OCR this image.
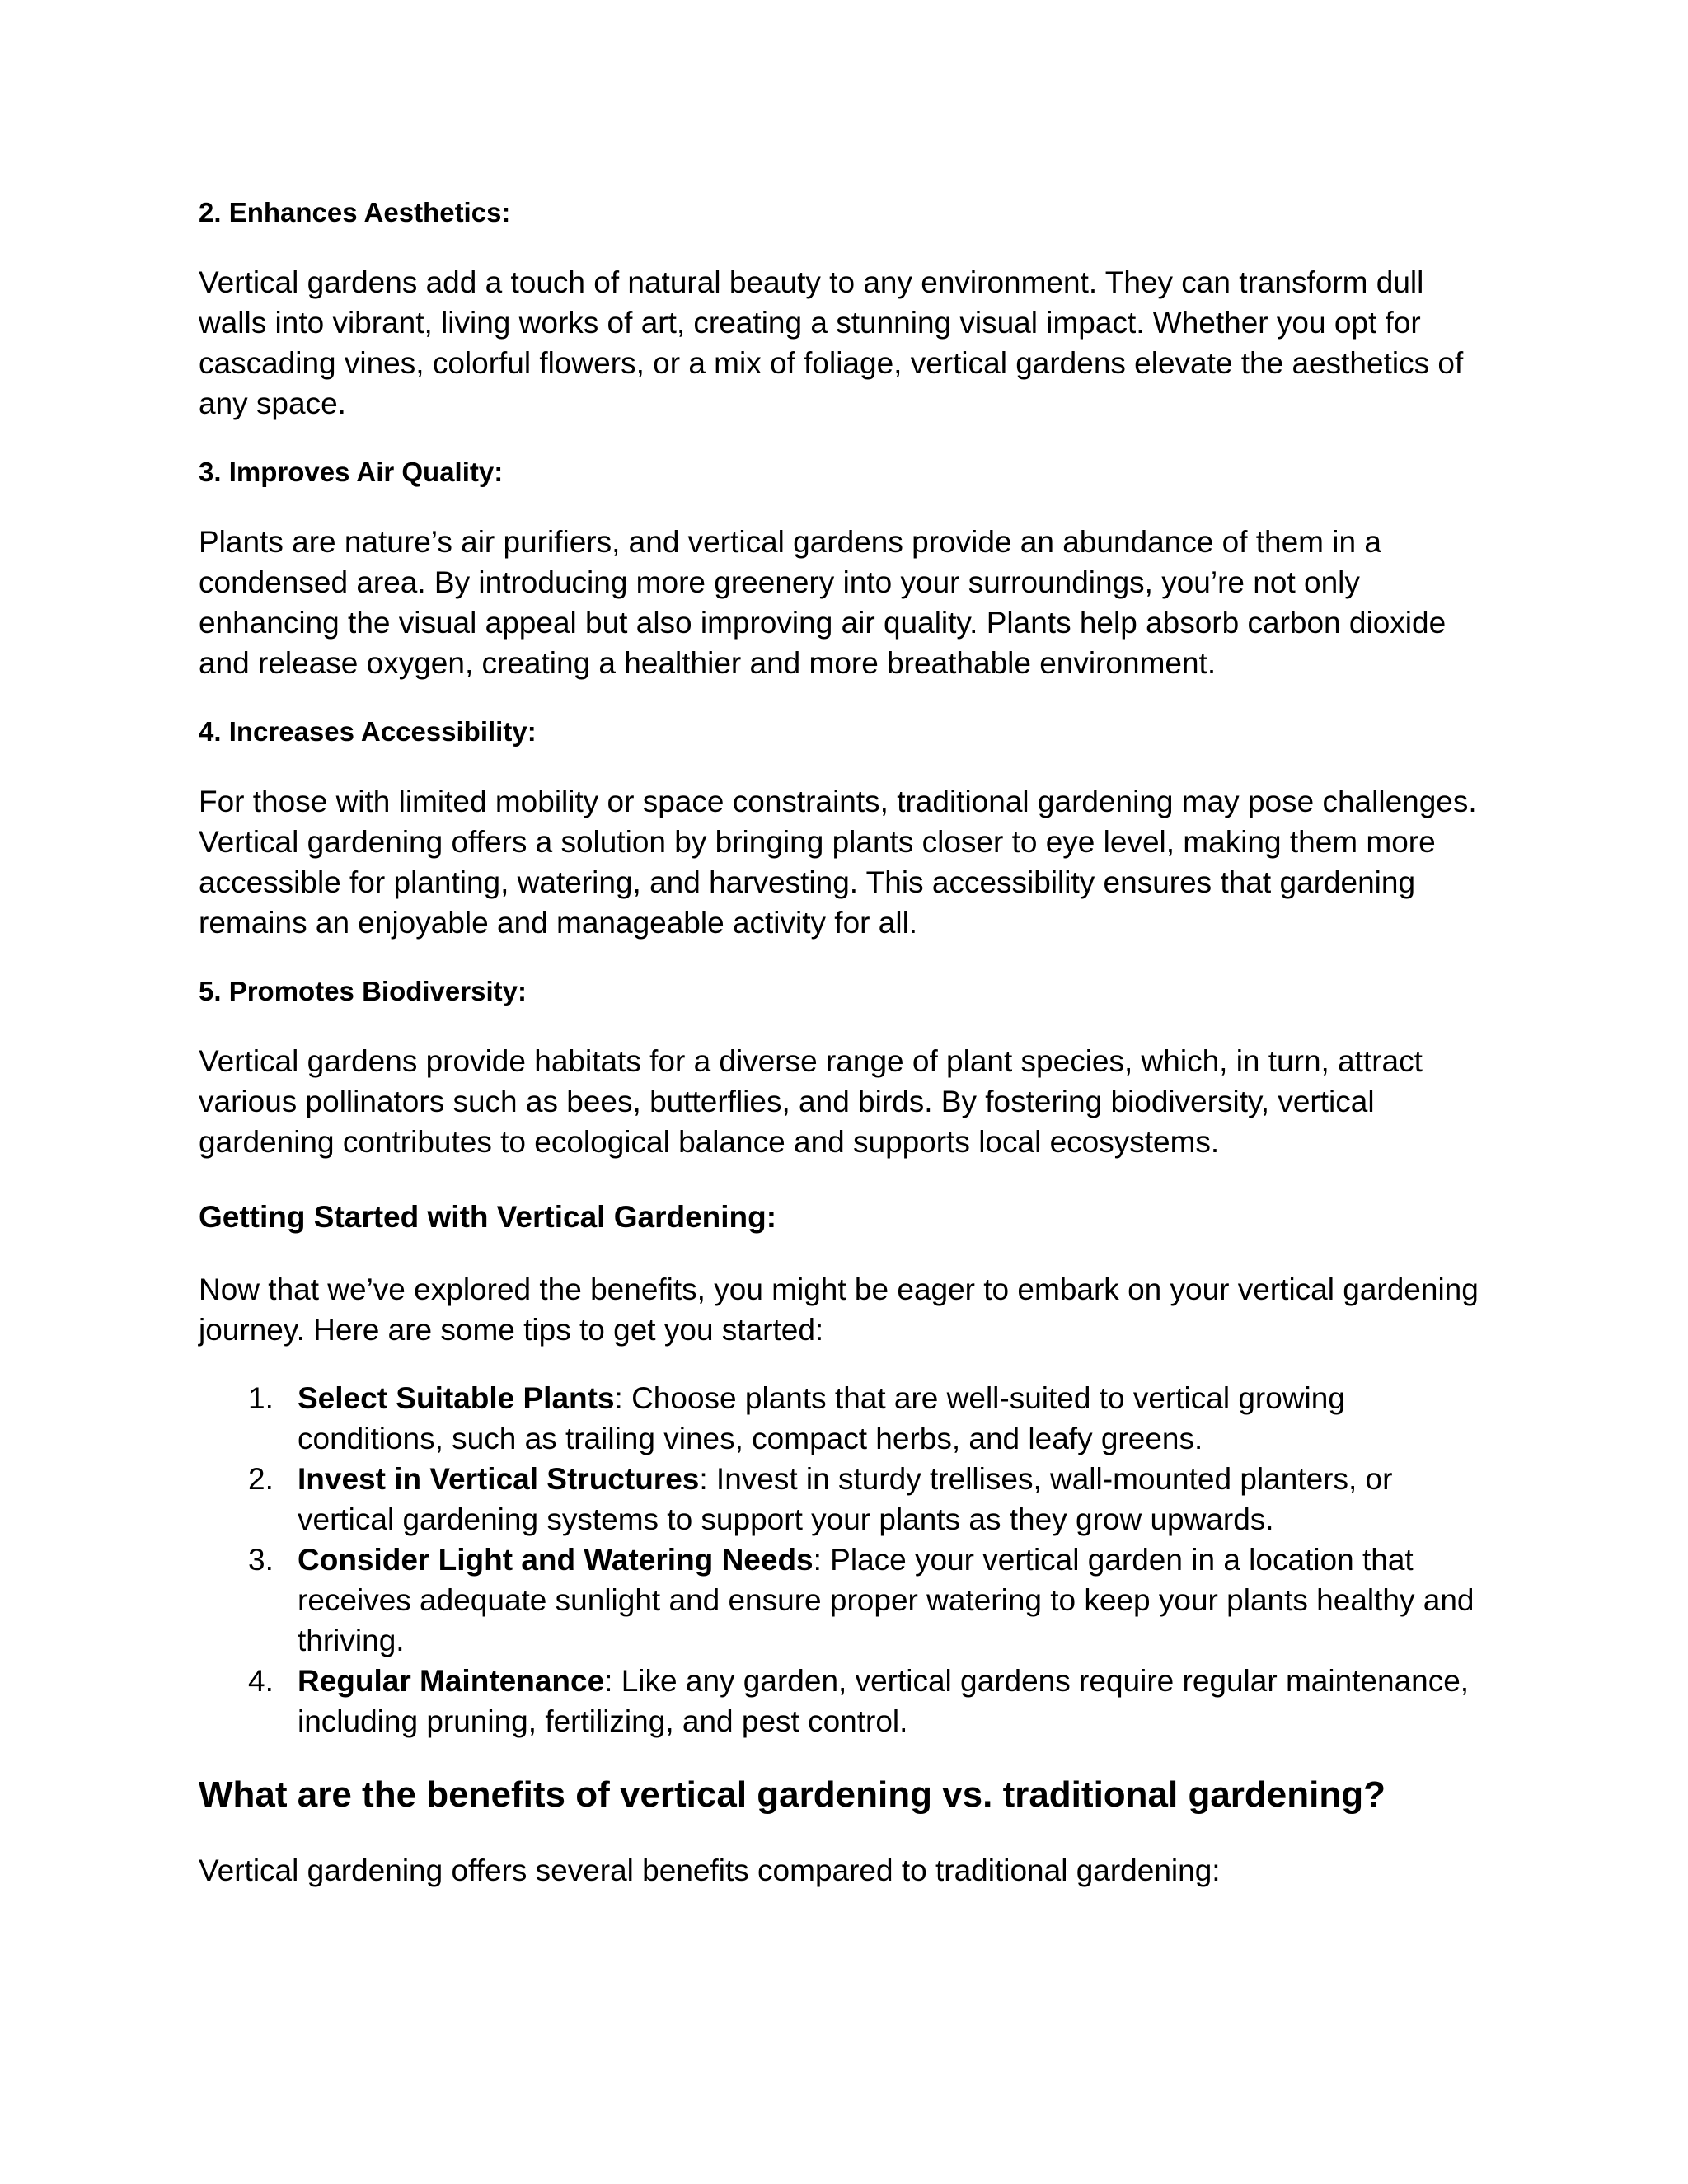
2. Enhances Aesthetics:
Vertical gardens add a touch of natural beauty to any environment. They can transform dull
walls into vibrant, living works of art, creating a stunning visual impact. Whether you opt for
cascading vines, colorful flowers, or a mix of foliage, vertical gardens elevate the aesthetics of
any space.
3. Improves Air Quality:
Plants are nature’s air purifiers, and vertical gardens provide an abundance of them in a
condensed area. By introducing more greenery into your surroundings, you’re not only
enhancing the visual appeal but also improving air quality. Plants help absorb carbon dioxide
and release oxygen, creating a healthier and more breathable environment.
4. Increases Accessibility:
For those with limited mobility or space constraints, traditional gardening may pose challenges.
Vertical gardening offers a solution by bringing plants closer to eye level, making them more
accessible for planting, watering, and harvesting. This accessibility ensures that gardening
remains an enjoyable and manageable activity for all.
5. Promotes Biodiversity:
Vertical gardens provide habitats for a diverse range of plant species, which, in turn, attract
various pollinators such as bees, butterflies, and birds. By fostering biodiversity, vertical
gardening contributes to ecological balance and supports local ecosystems.
Getting Started with Vertical Gardening:
Now that we’ve explored the benefits, you might be eager to embark on your vertical gardening
journey. Here are some tips to get you started:
1. Select Suitable Plants: Choose plants that are well-suited to vertical growing
conditions, such as trailing vines, compact herbs, and leafy greens.
2. Invest in Vertical Structures: Invest in sturdy trellises, wall-mounted planters, or
vertical gardening systems to support your plants as they grow upwards.
3. Consider Light and Watering Needs: Place your vertical garden in a location that
receives adequate sunlight and ensure proper watering to keep your plants healthy and
thriving.
4. Regular Maintenance: Like any garden, vertical gardens require regular maintenance,
including pruning, fertilizing, and pest control.
What are the benefits of vertical gardening vs. traditional gardening?

Vertical gardening offers several benefits compared to traditional gardening:
